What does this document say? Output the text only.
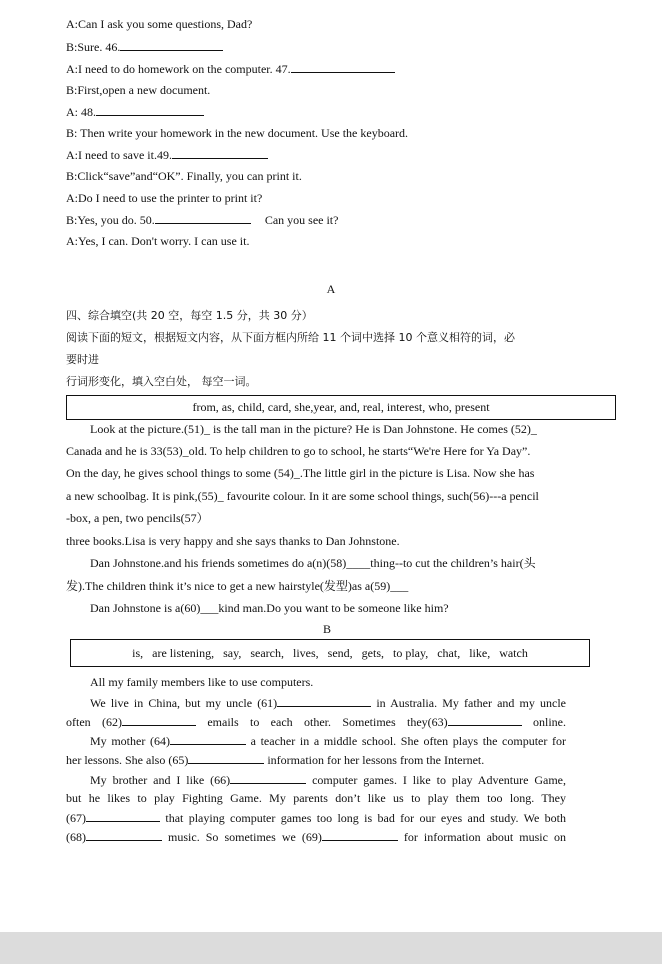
A:Can I ask you some questions, Dad?
B:Sure. 46.
A:I need to do homework on the computer. 47.
B:First,open a new document.
A: 48.
B: Then write your homework in the new document. Use the keyboard.
A:I need to save it.49.
B:Click“save”and“OK”. Finally, you can print it.
A:Do I need to use the printer to print it?
B:Yes, you do. 50.	Can you see it?
A:Yes, I can. Don't worry. I can use it.
A
四、综合填空(共 20 空，每空 1.5 分，共 30 分）
阅读下面的短文，根据短文内容，从下面方框内所给 11 个词中选择 10 个意义相符的词，必
要时进
行词形变化，填入空白处， 每空一词。
from, as, child, card, she,year, and, real, interest, who, present
Look at the picture.(51)_ is the tall man in the picture? He is Dan Johnstone. He comes (52)_
Canada and he is 33(53)_old. To help children to go to school, he starts“We're Here for Ya Day”.
On the day, he gives school things to some (54)_.The little girl in the picture is Lisa. Now she has
a new schoolbag. It is pink,(55)_ favourite colour. In it are some school things, such(56)---a pencil
-box, a pen, two pencils(57）
three books.Lisa is very happy and she says thanks to Dan Johnstone.
Dan Johnstone.and his friends sometimes do a(n)(58)____thing--to cut the children’s hair(头
发).The children think it’s nice to get a new hairstyle(发型)as a(59)___
Dan Johnstone is a(60)___kind man.Do you want to be someone like him?
B
is,   are listening,   say,   search,   lives,   send,   gets,   to play,   chat,   like,   watch
All my family members like to use computers.
We live in China, but my uncle (61)	in Australia. My father and my uncle
often (62)	emails to each other. Sometimes they(63)	online.
My mother (64)	a teacher in a middle school. She often plays the computer for
her lessons. She also (65)	information for her lessons from the Internet.
My brother and I like (66)	computer games. I like to play Adventure Game,
but he likes to play Fighting Game. My parents don’t like us to play them too long. They
(67)	that playing computer games too long is bad for our eyes and study. We both
(68)	music. So sometimes we (69)	for information about music on
